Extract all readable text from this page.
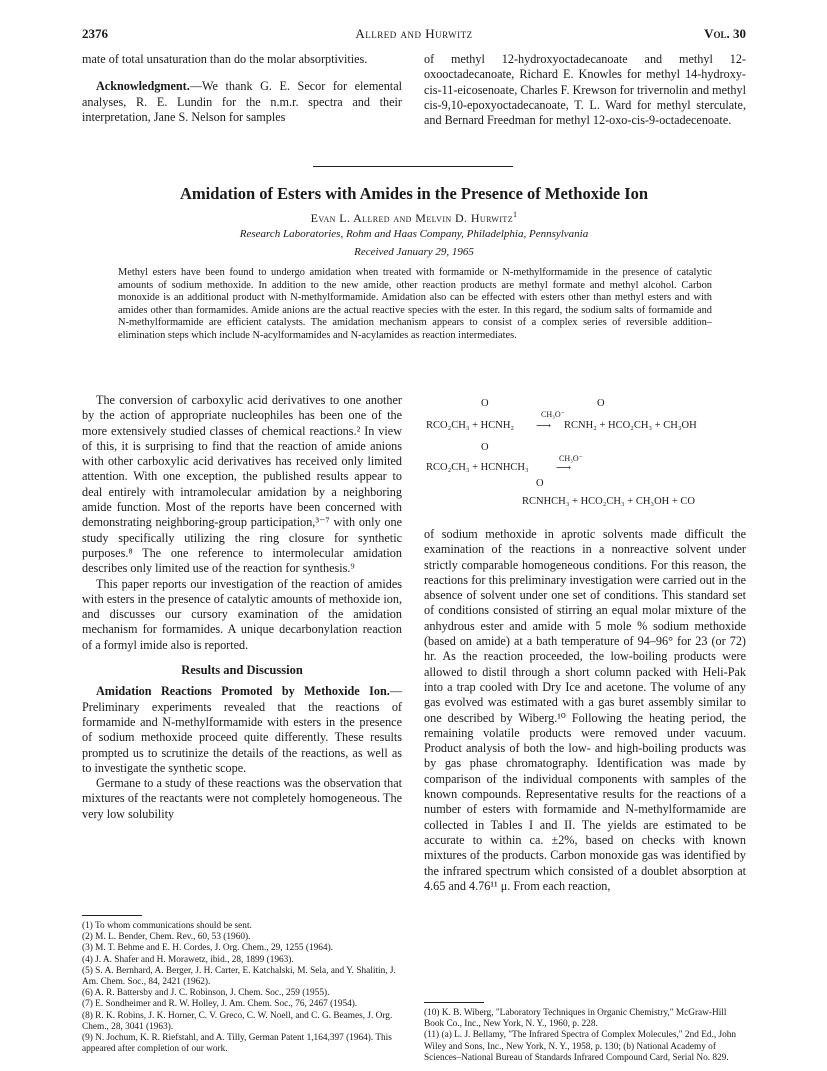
2376	Allred and Hurwitz	Vol. 30

mate of total unsaturation than do the molar absorptivities.

Acknowledgment.—We thank G. E. Secor for elemental analyses, R. E. Lundin for the n.m.r. spectra and their interpretation, Jane S. Nelson for samples

of methyl 12-hydroxyoctadecanoate and methyl 12-oxooctadecanoate, Richard E. Knowles for methyl 14-hydroxy-cis-11-eicosenoate, Charles F. Krewson for trivernolin and methyl cis-9,10-epoxyoctadecanoate, T. L. Ward for methyl sterculate, and Bernard Freedman for methyl 12-oxo-cis-9-octadecenoate.

Amidation of Esters with Amides in the Presence of Methoxide Ion
Evan L. Allred and Melvin D. Hurwitz$^1$
Research Laboratories, Rohm and Haas Company, Philadelphia, Pennsylvania
Received January 29, 1965
Methyl esters have been found to undergo amidation when treated with formamide or N-methylformamide in the presence of catalytic amounts of sodium methoxide. In addition to the new amide, other reaction products are methyl formate and methyl alcohol. Carbon monoxide is an additional product with N-methylformamide. Amidation also can be effected with esters other than methyl esters and with amides other than formamides. Amide anions are the actual reactive species with the ester. In this regard, the sodium salts of formamide and N-methylformamide are efficient catalysts. The amidation mechanism appears to consist of a complex series of reversible addition–elimination steps which include N-acylformamides and N-acylamides as reaction intermediates.

The conversion of carboxylic acid derivatives to one another by the action of appropriate nucleophiles has been one of the more extensively studied classes of chemical reactions.² In view of this, it is surprising to find that the reaction of amide anions with other carboxylic acid derivatives has received only limited attention. With one exception, the published results appear to deal entirely with intramolecular amidation by a neighboring amide function. Most of the reports have been concerned with demonstrating neighboring-group participation,³⁻⁷ with only one study specifically utilizing the ring closure for synthetic purposes.⁸ The one reference to intermolecular amidation describes only limited use of the reaction for synthesis.⁹

This paper reports our investigation of the reaction of amides with esters in the presence of catalytic amounts of methoxide ion, and discusses our cursory examination of the amidation mechanism for formamides. A unique decarbonylation reaction of a formyl imide also is reported.

Results and Discussion

Amidation Reactions Promoted by Methoxide Ion.—Preliminary experiments revealed that the reactions of formamide and N-methylformamide with esters in the presence of sodium methoxide proceed quite differently. These results prompted us to scrutinize the details of the reactions, as well as to investigate the synthetic scope.

Germane to a study of these reactions was the observation that mixtures of the reactants were not completely homogeneous. The very low solubility

(1) To whom communications should be sent.

(2) M. L. Bender, Chem. Rev., 60, 53 (1960).

(3) M. T. Behme and E. H. Cordes, J. Org. Chem., 29, 1255 (1964).

(4) J. A. Shafer and H. Morawetz, ibid., 28, 1899 (1963).

(5) S. A. Bernhard, A. Berger, J. H. Carter, E. Katchalski, M. Sela, and Y. Shalitin, J. Am. Chem. Soc., 84, 2421 (1962).

(6) A. R. Battersby and J. C. Robinson, J. Chem. Soc., 259 (1955).

(7) E. Sondheimer and R. W. Holley, J. Am. Chem. Soc., 76, 2467 (1954).

(8) R. K. Robins, J. K. Horner, C. V. Greco, C. W. Noell, and C. G. Beames, J. Org. Chem., 28, 3041 (1963).

(9) N. Jochum, K. R. Riefstahl, and A. Tilly, German Patent 1,164,397 (1964). This appeared after completion of our work.

O	O
CH₃O⁻
RCO₂CH₃ + HCNH₂ ⟶ RCNH₂ + HCO₂CH₃ + CH₃OH
O
CH₃O⁻
RCO₂CH₃ + HCNHCH₃	⟶
O
RCNHCH₃ + HCO₂CH₃ + CH₃OH + CO

of sodium methoxide in aprotic solvents made difficult the examination of the reactions in a nonreactive solvent under strictly comparable homogeneous conditions. For this reason, the reactions for this preliminary investigation were carried out in the absence of solvent under one set of conditions. This standard set of conditions consisted of stirring an equal molar mixture of the anhydrous ester and amide with 5 mole % sodium methoxide (based on amide) at a bath temperature of 94–96° for 23 (or 72) hr. As the reaction proceeded, the low-boiling products were allowed to distil through a short column packed with Heli-Pak into a trap cooled with Dry Ice and acetone. The volume of any gas evolved was estimated with a gas buret assembly similar to one described by Wiberg.¹⁰ Following the heating period, the remaining volatile products were removed under vacuum. Product analysis of both the low- and high-boiling products was by gas phase chromatography. Identification was made by comparison of the individual components with samples of the known compounds. Representative results for the reactions of a number of esters with formamide and N-methylformamide are collected in Tables I and II. The yields are estimated to be accurate to within ca. ±2%, based on checks with known mixtures of the products. Carbon monoxide gas was identified by the infrared spectrum which consisted of a doublet absorption at 4.65 and 4.76¹¹ μ. From each reaction,

(10) K. B. Wiberg, "Laboratory Techniques in Organic Chemistry," McGraw-Hill Book Co., Inc., New York, N. Y., 1960, p. 228.

(11) (a) L. J. Bellamy, "The Infrared Spectra of Complex Molecules," 2nd Ed., John Wiley and Sons, Inc., New York, N. Y., 1958, p. 130; (b) National Academy of Sciences–National Bureau of Standards Infrared Compound Card, Serial No. 829.
